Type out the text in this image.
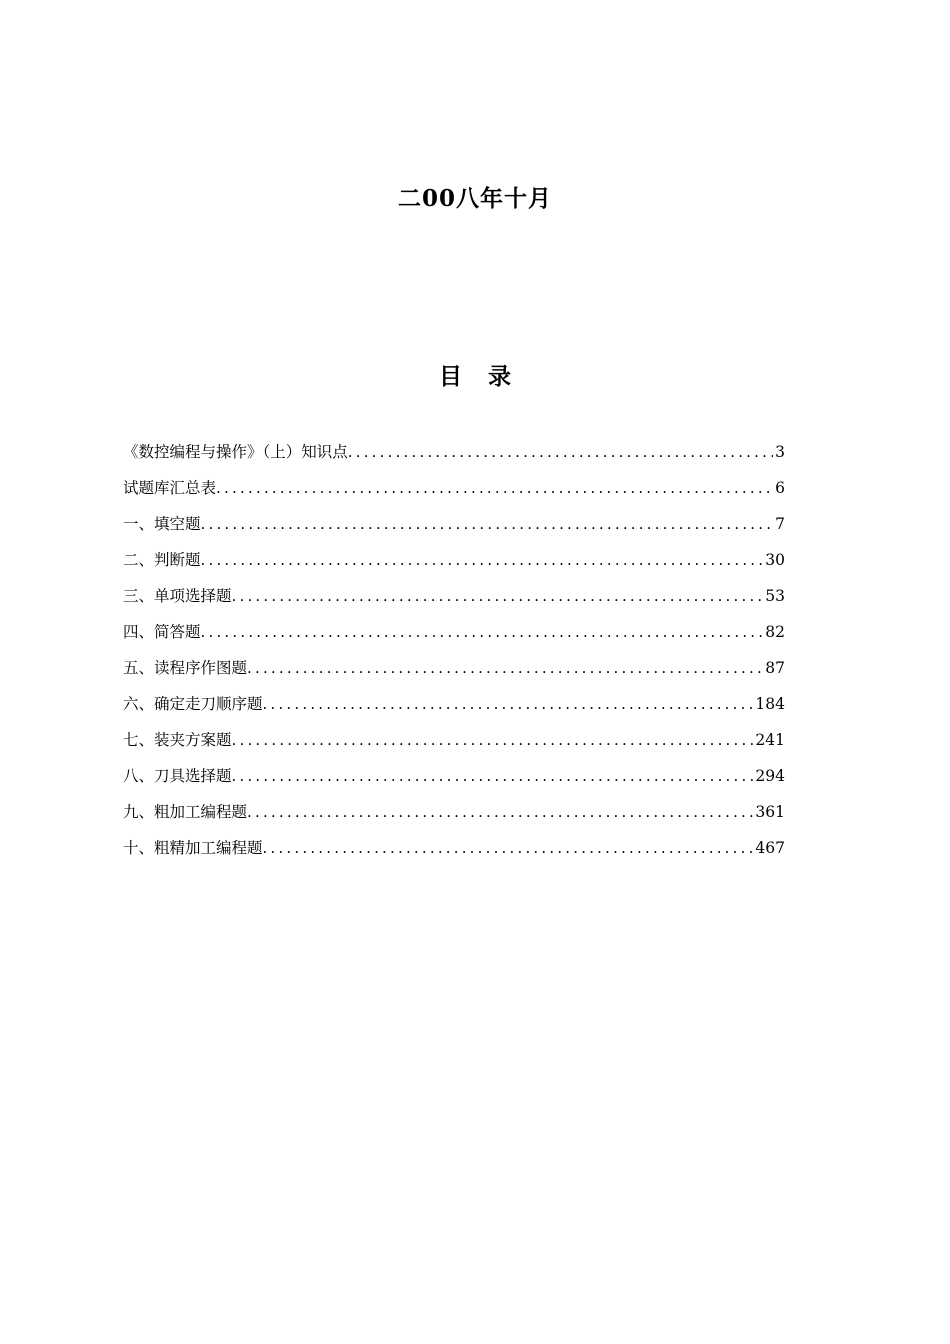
二00八年十月
目 录
《数控编程与操作》（上）知识点 .....	3
试题库汇总表 .....	6
一、填空题 .....	7
二、判断题 .....	30
三、单项选择题 .....	53
四、简答题 .....	82
五、读程序作图题 .....	87
六、确定走刀顺序题 .....	184
七、装夹方案题 .....	241
八、刀具选择题 .....	294
九、粗加工编程题 .....	361
十、粗精加工编程题 .....	467
